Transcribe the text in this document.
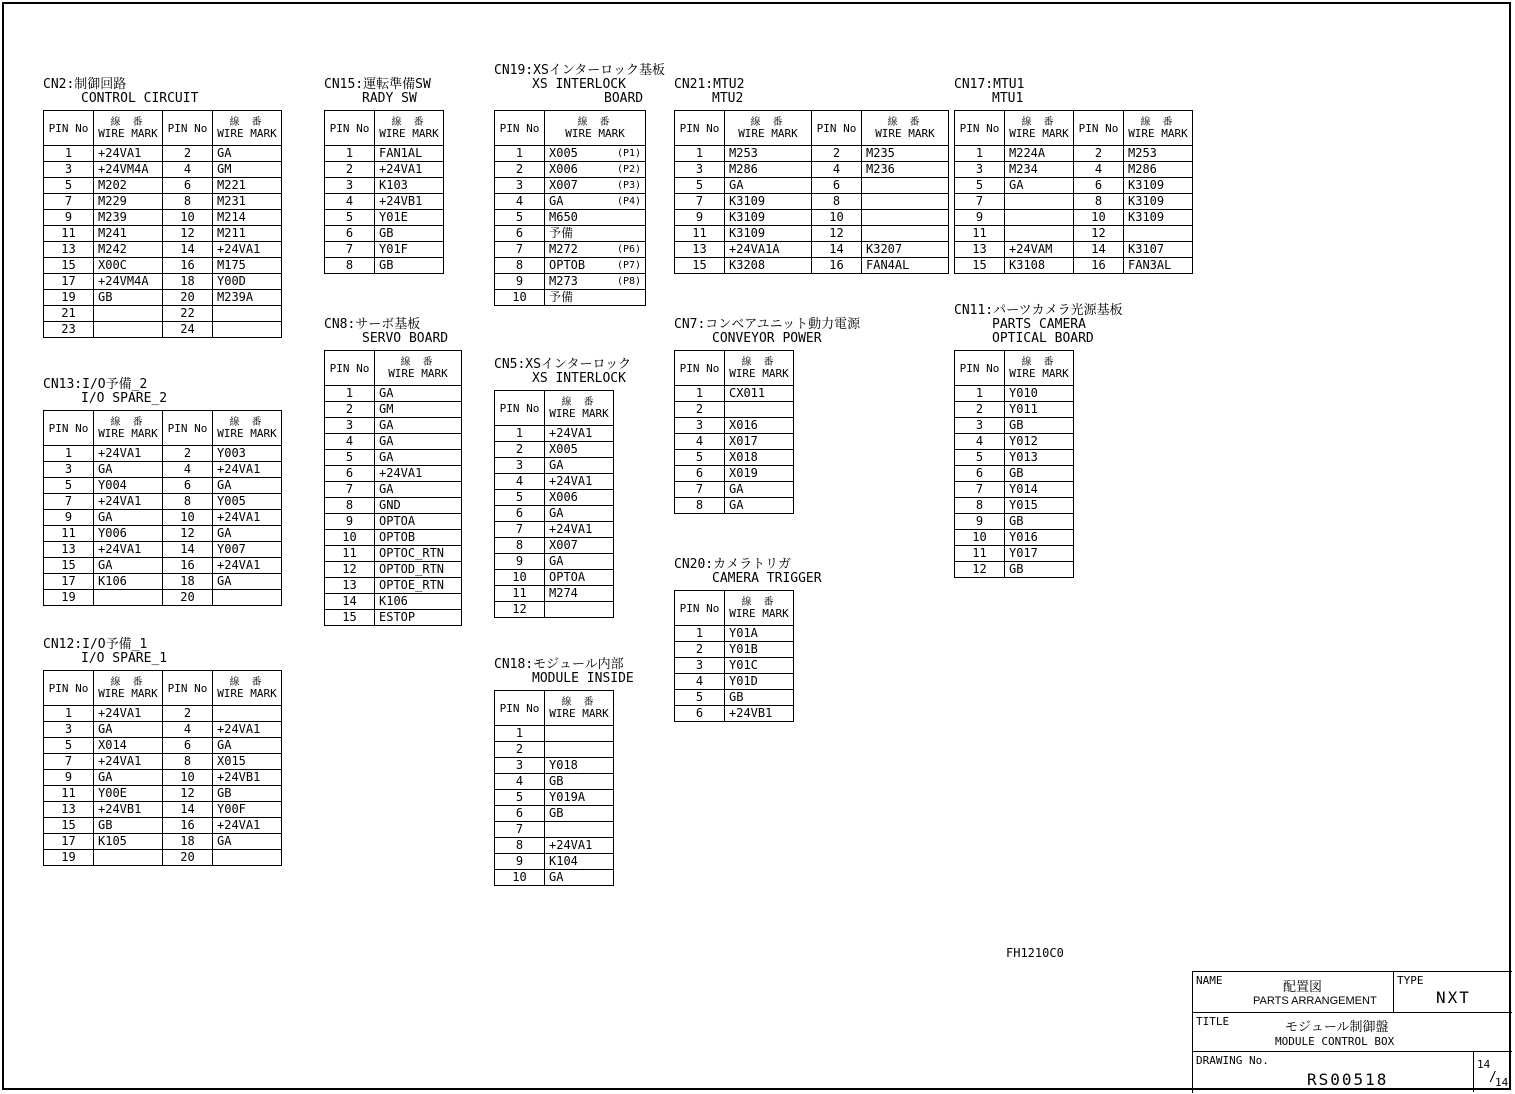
CN2:制御回路
CONTROL CIRCUIT
PIN No	線 番
WIRE MARK	PIN No	線 番
WIRE MARK
1	+24VA1	2	GA
3	+24VM4A	4	GM
5	M202	6	M221
7	M229	8	M231
9	M239	10	M214
11	M241	12	M211
13	M242	14	+24VA1
15	X00C	16	M175
17	+24VM4A	18	Y00D
19	GB	20	M239A
21		22	
23		24	
CN13:I/O予備_2
I/O SPARE_2
PIN No	線 番
WIRE MARK	PIN No	線 番
WIRE MARK
1	+24VA1	2	Y003
3	GA	4	+24VA1
5	Y004	6	GA
7	+24VA1	8	Y005
9	GA	10	+24VA1
11	Y006	12	GA
13	+24VA1	14	Y007
15	GA	16	+24VA1
17	K106	18	GA
19		20	
CN12:I/O予備_1
I/O SPARE_1
PIN No	線 番
WIRE MARK	PIN No	線 番
WIRE MARK
1	+24VA1	2	
3	GA	4	+24VA1
5	X014	6	GA
7	+24VA1	8	X015
9	GA	10	+24VB1
11	Y00E	12	GB
13	+24VB1	14	Y00F
15	GB	16	+24VA1
17	K105	18	GA
19		20	
CN15:運転準備SW
RADY SW
PIN No	線 番
WIRE MARK
1	FAN1AL
2	+24VA1
3	K103
4	+24VB1
5	Y01E
6	GB
7	Y01F
8	GB
CN8:サーボ基板
SERVO BOARD
PIN No	線 番
WIRE MARK
1	GA
2	GM
3	GA
4	GA
5	GA
6	+24VA1
7	GA
8	GND
9	OPTOA
10	OPTOB
11	OPTOC_RTN
12	OPTOD_RTN
13	OPTOE_RTN
14	K106
15	ESTOP
CN19:XSインターロック基板
XS INTERLOCK
BOARD
PIN No	線 番
WIRE MARK	
1	X005	(P1)
2	X006	(P2)
3	X007	(P3)
4	GA	(P4)
5	M650	
6	予備	
7	M272	(P6)
8	OPTOB	(P7)
9	M273	(P8)
10	予備	
CN5:XSインターロック
XS INTERLOCK
PIN No	線 番
WIRE MARK
1	+24VA1
2	X005
3	GA
4	+24VA1
5	X006
6	GA
7	+24VA1
8	X007
9	GA
10	OPTOA
11	M274
12	
CN18:モジュール内部
MODULE INSIDE
PIN No	線 番
WIRE MARK
1	
2	
3	Y018
4	GB
5	Y019A
6	GB
7	
8	+24VA1
9	K104
10	GA
CN21:MTU2
MTU2
PIN No	線 番
WIRE MARK	PIN No	線 番
WIRE MARK
1	M253	2	M235
3	M286	4	M236
5	GA	6	
7	K3109	8	
9	K3109	10	
11	K3109	12	
13	+24VA1A	14	K3207
15	K3208	16	FAN4AL
CN7:コンベアユニット動力電源
CONVEYOR POWER
PIN No	線 番
WIRE MARK
1	CX011
2	
3	X016
4	X017
5	X018
6	X019
7	GA
8	GA
CN20:カメラトリガ
CAMERA TRIGGER
PIN No	線 番
WIRE MARK
1	Y01A
2	Y01B
3	Y01C
4	Y01D
5	GB
6	+24VB1
CN17:MTU1
MTU1
PIN No	線 番
WIRE MARK	PIN No	線 番
WIRE MARK
1	M224A	2	M253
3	M234	4	M286
5	GA	6	K3109
7		8	K3109
9		10	K3109
11		12	
13	+24VAM	14	K3107
15	K3108	16	FAN3AL
CN11:パーツカメラ光源基板
PARTS CAMERA
OPTICAL BOARD
PIN No	線 番
WIRE MARK
1	Y010
2	Y011
3	GB
4	Y012
5	Y013
6	GB
7	Y014
8	Y015
9	GB
10	Y016
11	Y017
12	GB
FH1210C0
NAME	配置図
PARTS ARRANGEMENT
TYPE
NXT
TITLE	モジュール制御盤
MODULE CONTROL BOX
DRAWING No.
RS00518
14
/
14
